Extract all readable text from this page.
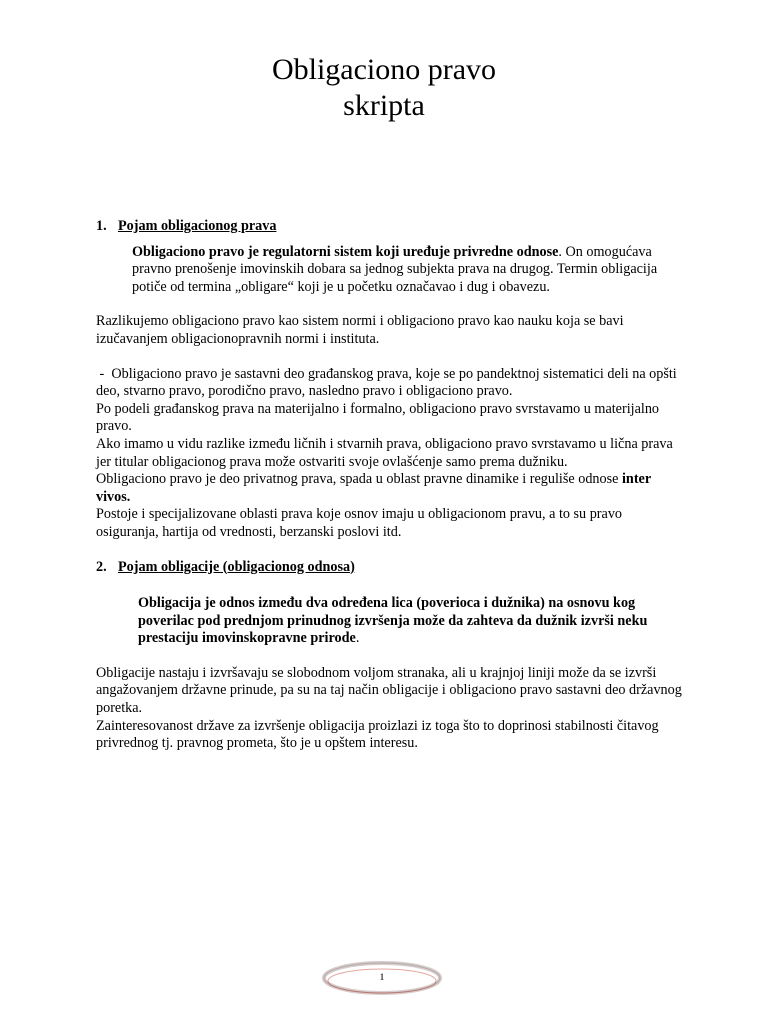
Obligaciono pravo
skripta
1. Pojam obligacionog prava

Obligaciono pravo je regulatorni sistem koji uređuje privredne odnose. On omogućava pravno prenošenje imovinskih dobara sa jednog subjekta prava na drugog. Termin obligacija potiče od termina „obligare“ koji je u početku označavao i dug i obavezu.

Razlikujemo obligaciono pravo kao sistem normi i obligaciono pravo kao nauku koja se bavi izučavanjem obligacionopravnih normi i instituta.

-  Obligaciono pravo je sastavni deo građanskog prava, koje se po pandektnoj sistematici deli na opšti deo, stvarno pravo, porodično pravo, nasledno pravo i obligaciono pravo.

Po podeli građanskog prava na materijalno i formalno, obligaciono pravo svrstavamo u materijalno pravo.

Ako imamo u vidu razlike između ličnih i stvarnih prava, obligaciono pravo svrstavamo u lična prava jer titular obligacionog prava može ostvariti svoje ovlašćenje samo prema dužniku.

Obligaciono pravo je deo privatnog prava, spada u oblast pravne dinamike i reguliše odnose inter vivos.

Postoje i specijalizovane oblasti prava koje osnov imaju u obligacionom pravu, a to su pravo osiguranja, hartija od vrednosti, berzanski poslovi itd.

2. Pojam obligacije (obligacionog odnosa)

Obligacija je odnos između dva određena lica (poverioca i dužnika) na osnovu kog poverilac pod prednjom prinudnog izvršenja može da zahteva da dužnik izvrši neku prestaciju imovinskopravne prirode.

Obligacije nastaju i izvršavaju se slobodnom voljom stranaka, ali u krajnjoj liniji može da se izvrši angažovanjem državne prinude, pa su na taj način obligacije i obligaciono pravo sastavni deo državnog poretka.

Zainteresovanost države za izvršenje obligacija proizlazi iz toga što to doprinosi stabilnosti čitavog privrednog tj. pravnog prometa, što je u opštem interesu.

1
